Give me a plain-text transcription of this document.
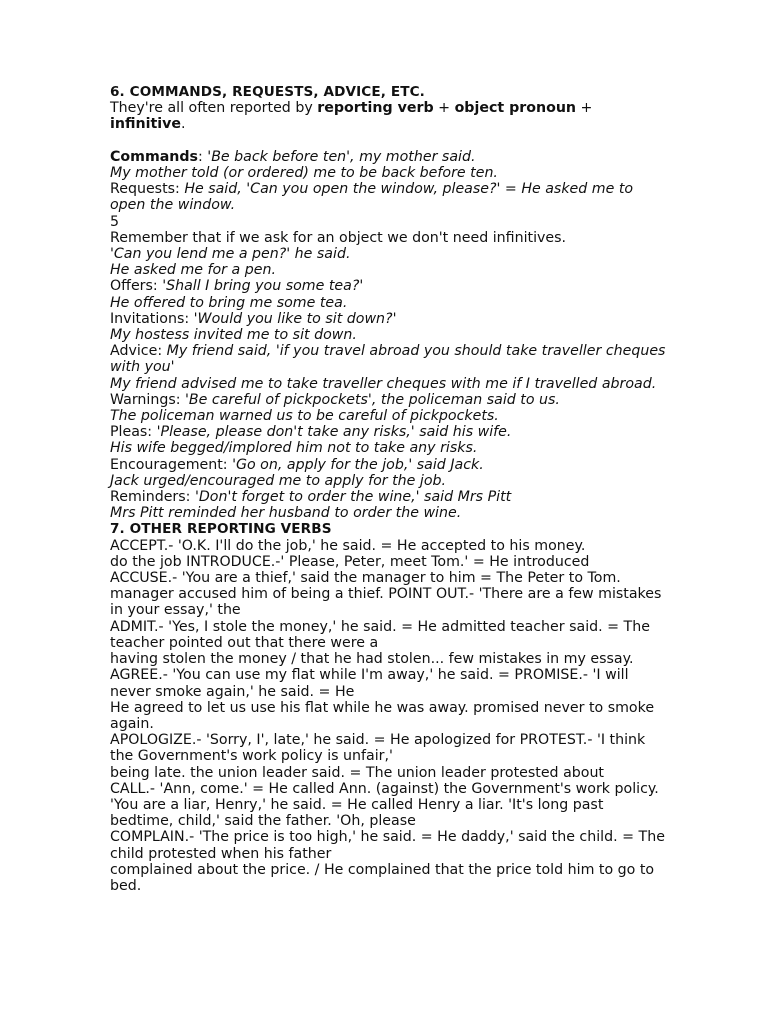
6. COMMANDS, REQUESTS, ADVICE, ETC.
They're all often reported by reporting verb + object pronoun + infinitive.
Commands: 'Be back before ten', my mother said.
My mother told (or ordered) me to be back before ten.
Requests: He said, 'Can you open the window, please?' = He asked me to open the window.
5
Remember that if we ask for an object we don't need infinitives.
'Can you lend me a pen?' he said.
He asked me for a pen.
Offers: 'Shall I bring you some tea?'
He offered to bring me some tea.
Invitations: 'Would you like to sit down?'
My hostess invited me to sit down.
Advice: My friend said, 'if you travel abroad you should take traveller cheques with you'
My friend advised me to take traveller cheques with me if I travelled abroad.
Warnings: 'Be careful of pickpockets', the policeman said to us.
The policeman warned us to be careful of pickpockets.
Pleas: 'Please, please don't take any risks,' said his wife.
His wife begged/implored him not to take any risks.
Encouragement: 'Go on, apply for the job,' said Jack.
Jack urged/encouraged me to apply for the job.
Reminders: 'Don't forget to order the wine,' said Mrs Pitt
Mrs Pitt reminded her husband to order the wine.
7. OTHER REPORTING VERBS
ACCEPT.- 'O.K. I'll do the job,' he said. = He accepted to his money.
do the job INTRODUCE.-' Please, Peter, meet Tom.' = He introduced
ACCUSE.- 'You are a thief,' said the manager to him = The Peter to Tom. manager accused him of being a thief. POINT OUT.- 'There are a few mistakes in your essay,' the
ADMIT.- 'Yes, I stole the money,' he said. = He admitted teacher said. = The teacher pointed out that there were a
having stolen the money / that he had stolen... few mistakes in my essay.
AGREE.- 'You can use my flat while I'm away,' he said. = PROMISE.- 'I will never smoke again,' he said. = He
He agreed to let us use his flat while he was away. promised never to smoke again.
APOLOGIZE.- 'Sorry, I', late,' he said. = He apologized for PROTEST.- 'I think the Government's work policy is unfair,'
being late. the union leader said. = The union leader protested about
CALL.- 'Ann, come.' = He called Ann. (against) the Government's work policy.
'You are a liar, Henry,' he said. = He called Henry a liar. 'It's long past bedtime, child,' said the father. 'Oh, please
COMPLAIN.- 'The price is too high,' he said. = He daddy,' said the child. = The child protested when his father
complained about the price. / He complained that the price told him to go to bed.
